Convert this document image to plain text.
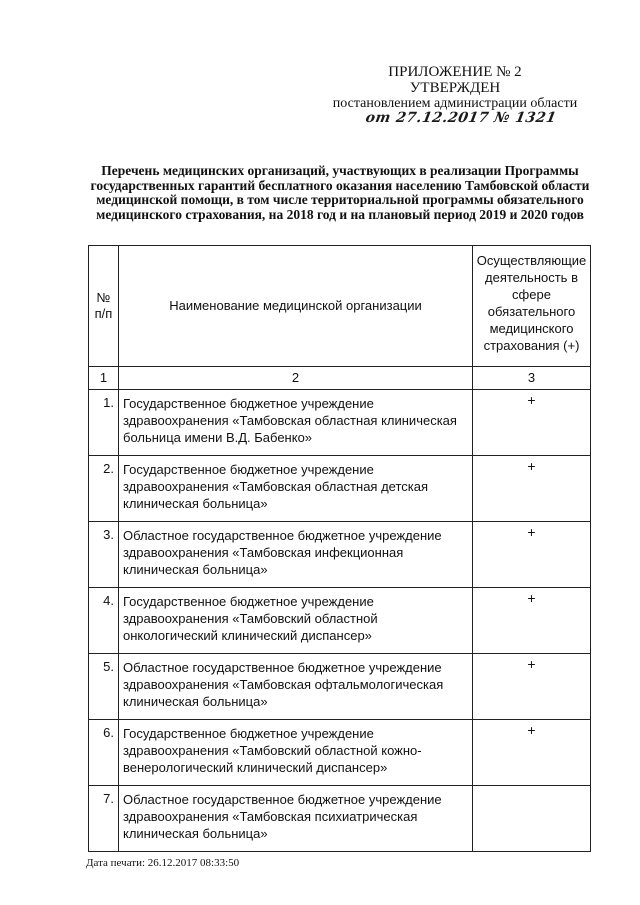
ПРИЛОЖЕНИЕ № 2
УТВЕРЖДЕН
постановлением администрации области
от 27.12.2017 № 1321
Перечень медицинских организаций, участвующих в реализации Программы государственных гарантий бесплатного оказания населению Тамбовской области медицинской помощи, в том числе территориальной программы обязательного медицинского страхования, на 2018 год и на плановый период 2019 и 2020 годов
№ п/п	Наименование медицинской организации	Осуществляющие деятельность в сфере обязательного медицинского страхования (+)
1	2	3
1.	Государственное бюджетное учреждение здравоохранения «Тамбовская областная клиническая больница имени В.Д. Бабенко»	+
2.	Государственное бюджетное учреждение здравоохранения «Тамбовская областная детская клиническая больница»	+
3.	Областное государственное бюджетное учреждение здравоохранения «Тамбовская инфекционная клиническая больница»	+
4.	Государственное бюджетное учреждение здравоохранения «Тамбовский областной онкологический клинический диспансер»	+
5.	Областное государственное бюджетное учреждение здравоохранения «Тамбовская офтальмологическая клиническая больница»	+
6.	Государственное бюджетное учреждение здравоохранения «Тамбовский областной кожно-венерологический клинический диспансер»	+
7.	Областное государственное бюджетное учреждение здравоохранения «Тамбовская психиатрическая клиническая больница»	
Дата печати: 26.12.2017 08:33:50
